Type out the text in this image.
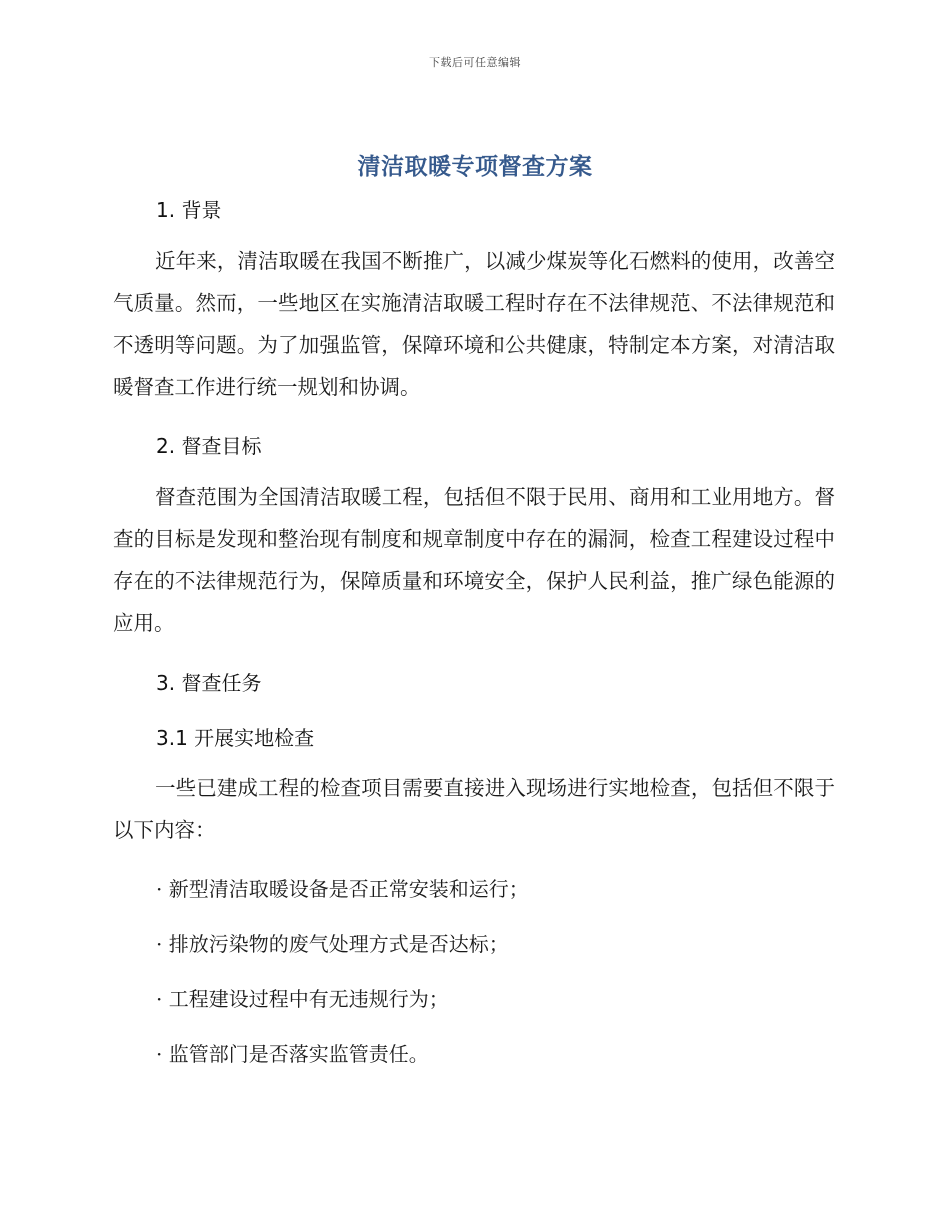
下载后可任意编辑
清洁取暖专项督查方案
1. 背景
近年来，清洁取暖在我国不断推广，以减少煤炭等化石燃料的使用，改善空气质量。然而，一些地区在实施清洁取暖工程时存在不法律规范、不法律规范和不透明等问题。为了加强监管，保障环境和公共健康，特制定本方案，对清洁取暖督查工作进行统一规划和协调。
2. 督查目标
督查范围为全国清洁取暖工程，包括但不限于民用、商用和工业用地方。督查的目标是发现和整治现有制度和规章制度中存在的漏洞，检查工程建设过程中存在的不法律规范行为，保障质量和环境安全，保护人民利益，推广绿色能源的应用。
3. 督查任务
3.1 开展实地检查
一些已建成工程的检查项目需要直接进入现场进行实地检查，包括但不限于以下内容：
· 新型清洁取暖设备是否正常安装和运行；
· 排放污染物的废气处理方式是否达标；
· 工程建设过程中有无违规行为；
· 监管部门是否落实监管责任。
